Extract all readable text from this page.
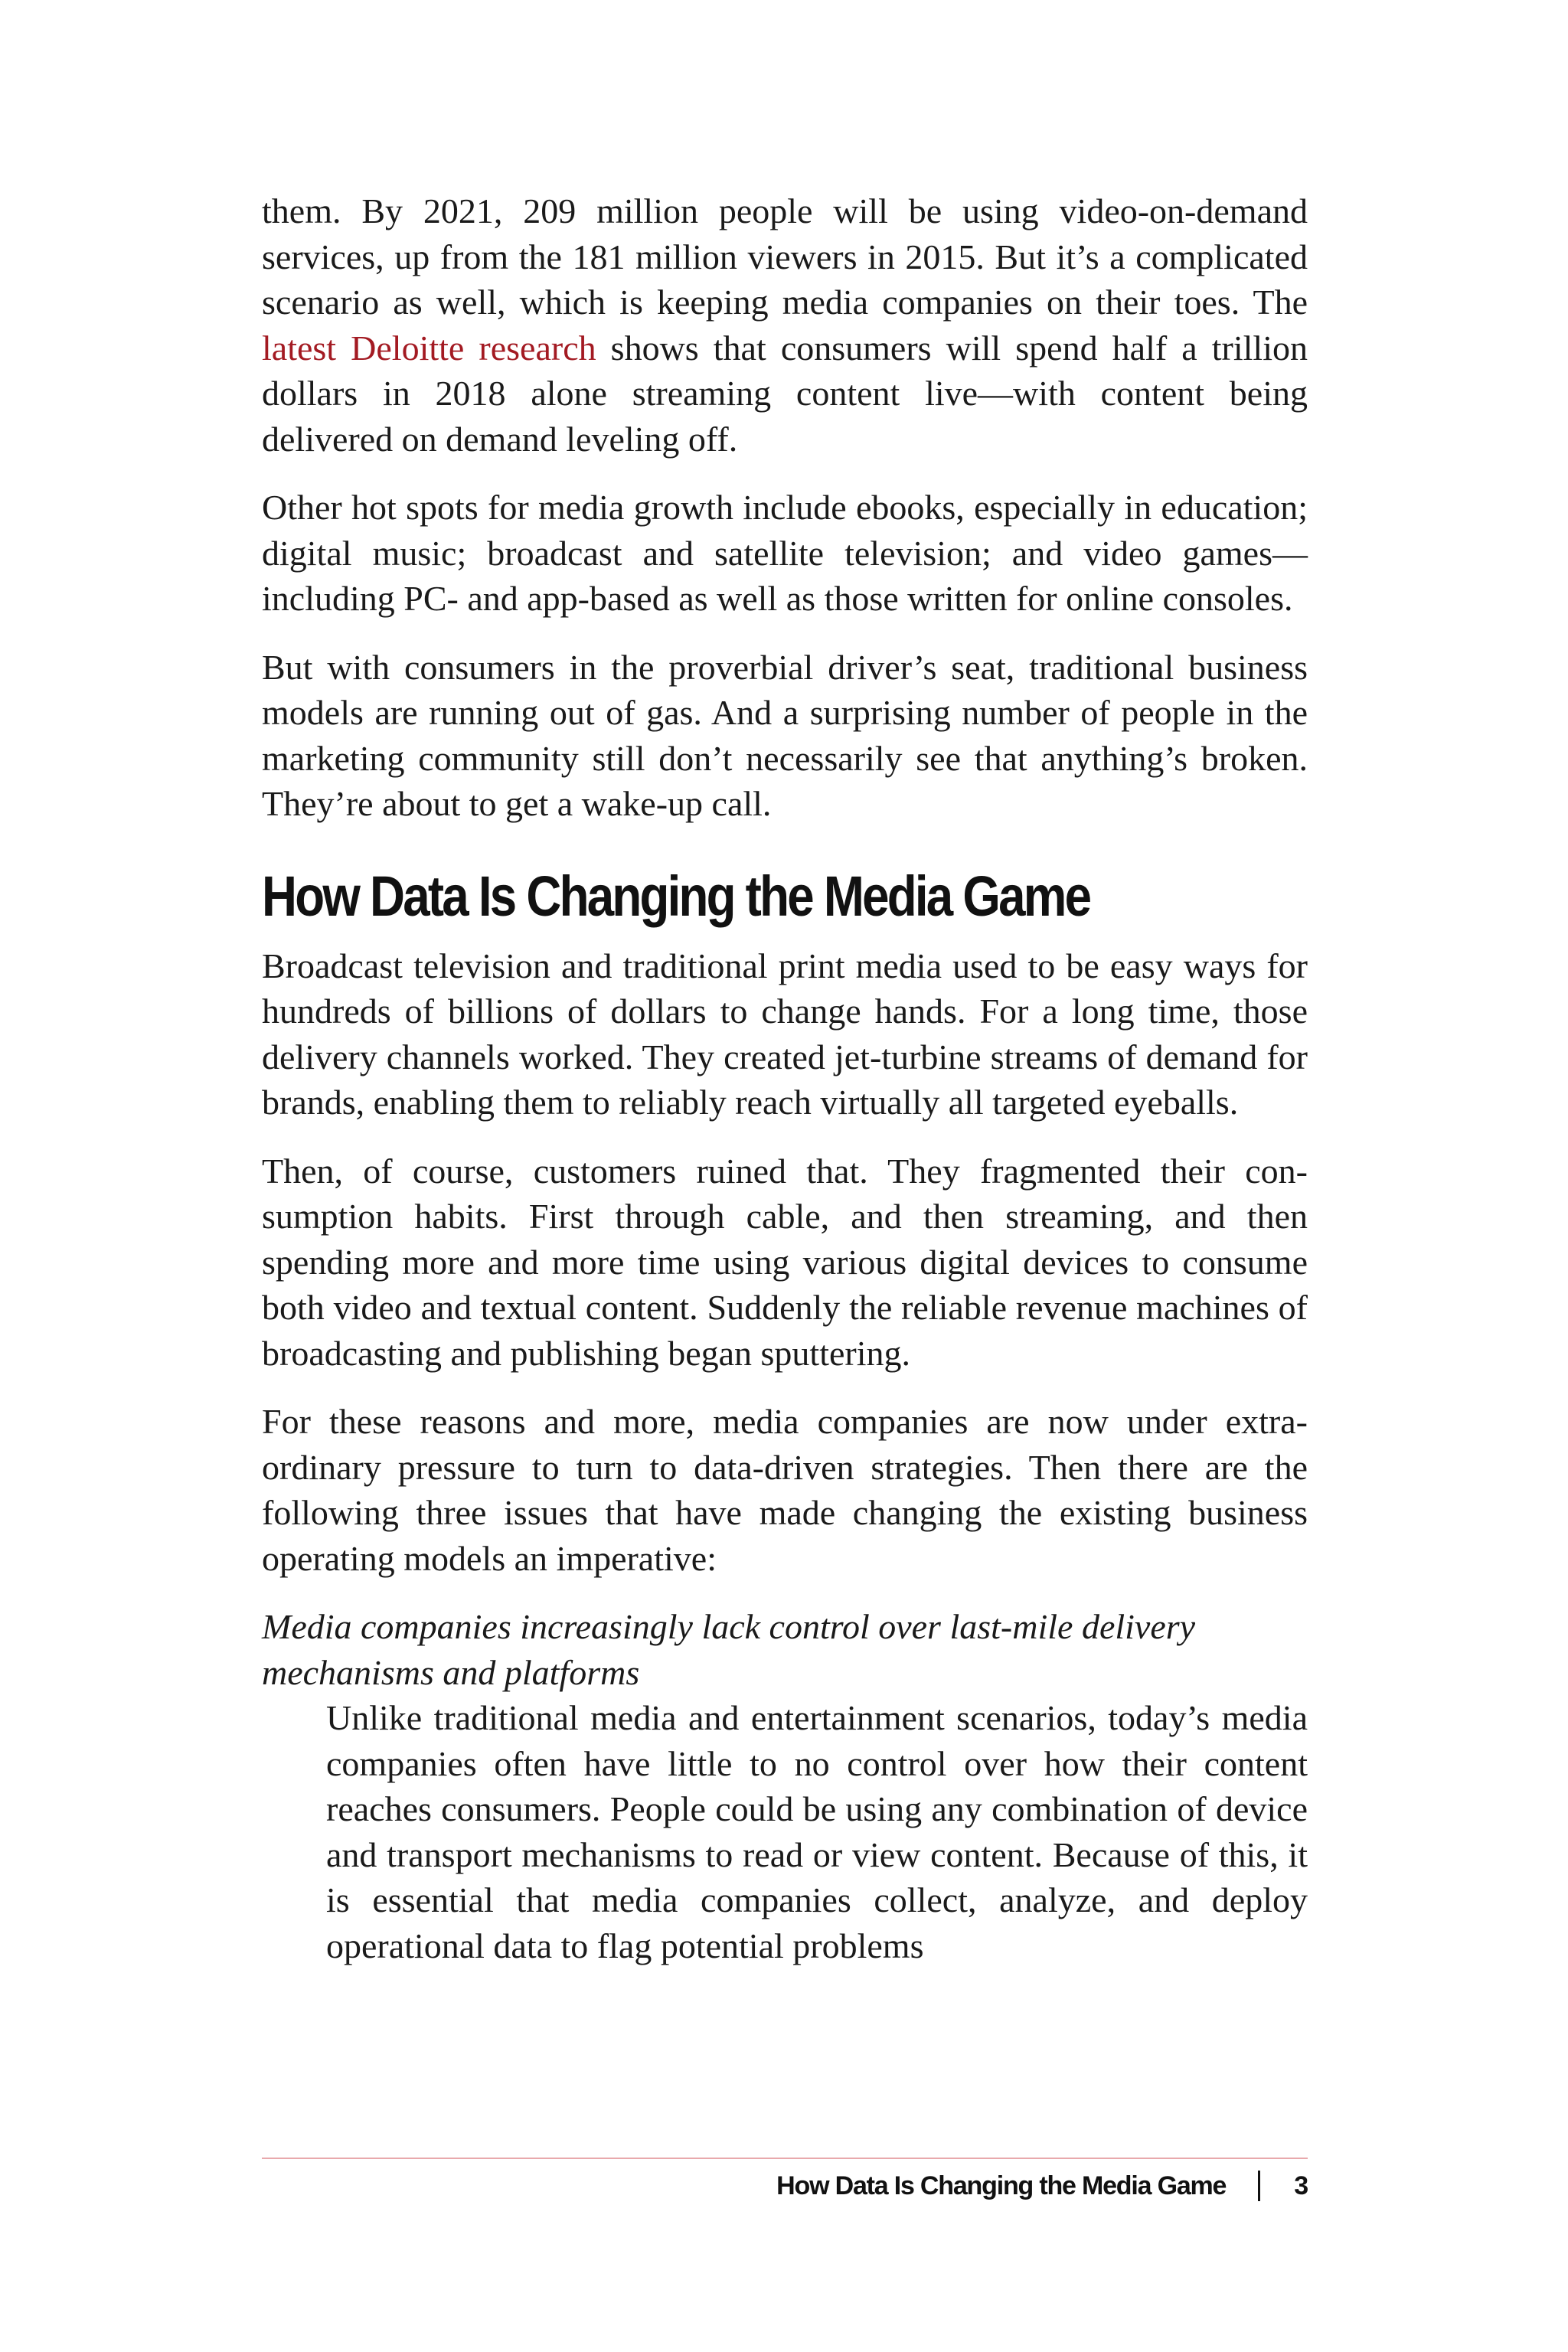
them. By 2021, 209 million people will be using video-on-demand services, up from the 181 million viewers in 2015. But it’s a complicated scenario as well, which is keeping media companies on their toes. The latest Deloitte research shows that consumers will spend half a trillion dollars in 2018 alone streaming content live—with content being delivered on demand leveling off.

Other hot spots for media growth include ebooks, especially in education; digital music; broadcast and satellite television; and video games—including PC- and app-based as well as those written for online consoles.

But with consumers in the proverbial driver’s seat, traditional business models are running out of gas. And a surprising number of people in the marketing community still don’t necessarily see that anything’s broken. They’re about to get a wake-up call.

How Data Is Changing the Media Game

Broadcast television and traditional print media used to be easy ways for hundreds of billions of dollars to change hands. For a long time, those delivery channels worked. They created jet-turbine streams of demand for brands, enabling them to reliably reach virtually all targeted eyeballs.

Then, of course, customers ruined that. They fragmented their consumption habits. First through cable, and then streaming, and then spending more and more time using various digital devices to consume both video and textual content. Suddenly the reliable revenue machines of broadcasting and publishing began sputtering.

For these reasons and more, media companies are now under extraordinary pressure to turn to data-driven strategies. Then there are the following three issues that have made changing the existing business operating models an imperative:

Media companies increasingly lack control over last-mile delivery mechanisms and platforms
Unlike traditional media and entertainment scenarios, today’s media companies often have little to no control over how their content reaches consumers. People could be using any combination of device and transport mechanisms to read or view content. Because of this, it is essential that media companies collect, analyze, and deploy operational data to flag potential problems
How Data Is Changing the Media Game	3
